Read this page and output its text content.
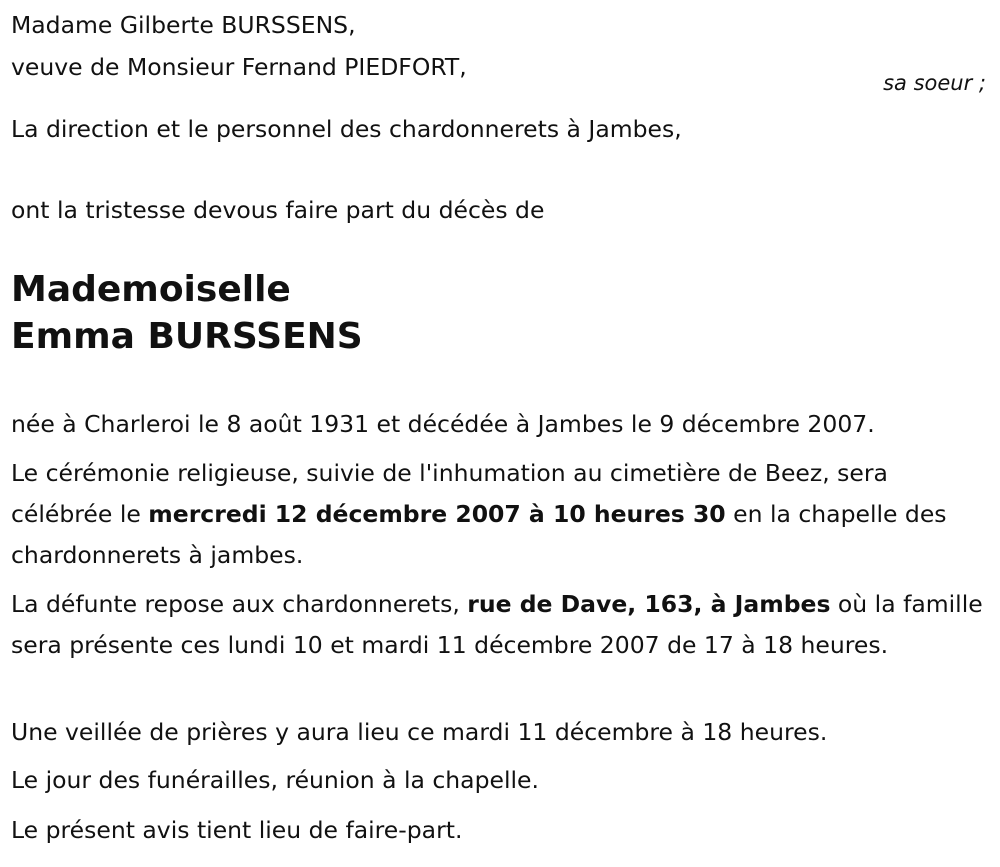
Madame Gilberte BURSSENS,

veuve de Monsieur Fernand PIEDFORT,

sa soeur ;

La direction et le personnel des chardonnerets à Jambes,

ont la tristesse devous faire part du décès de

Mademoiselle
Emma BURSSENS

née à Charleroi le 8 août 1931 et décédée à Jambes le 9 décembre 2007.

Le cérémonie religieuse, suivie de l'inhumation au cimetière de Beez, sera célébrée le mercredi 12 décembre 2007 à 10 heures 30 en la chapelle des chardonnerets à jambes.

La défunte repose aux chardonnerets, rue de Dave, 163, à Jambes où la famille sera présente ces lundi 10 et mardi 11 décembre 2007 de 17 à 18 heures.

Une veillée de prières y aura lieu ce mardi 11 décembre à 18 heures.

Le jour des funérailles, réunion à la chapelle.

Le présent avis tient lieu de faire-part.
